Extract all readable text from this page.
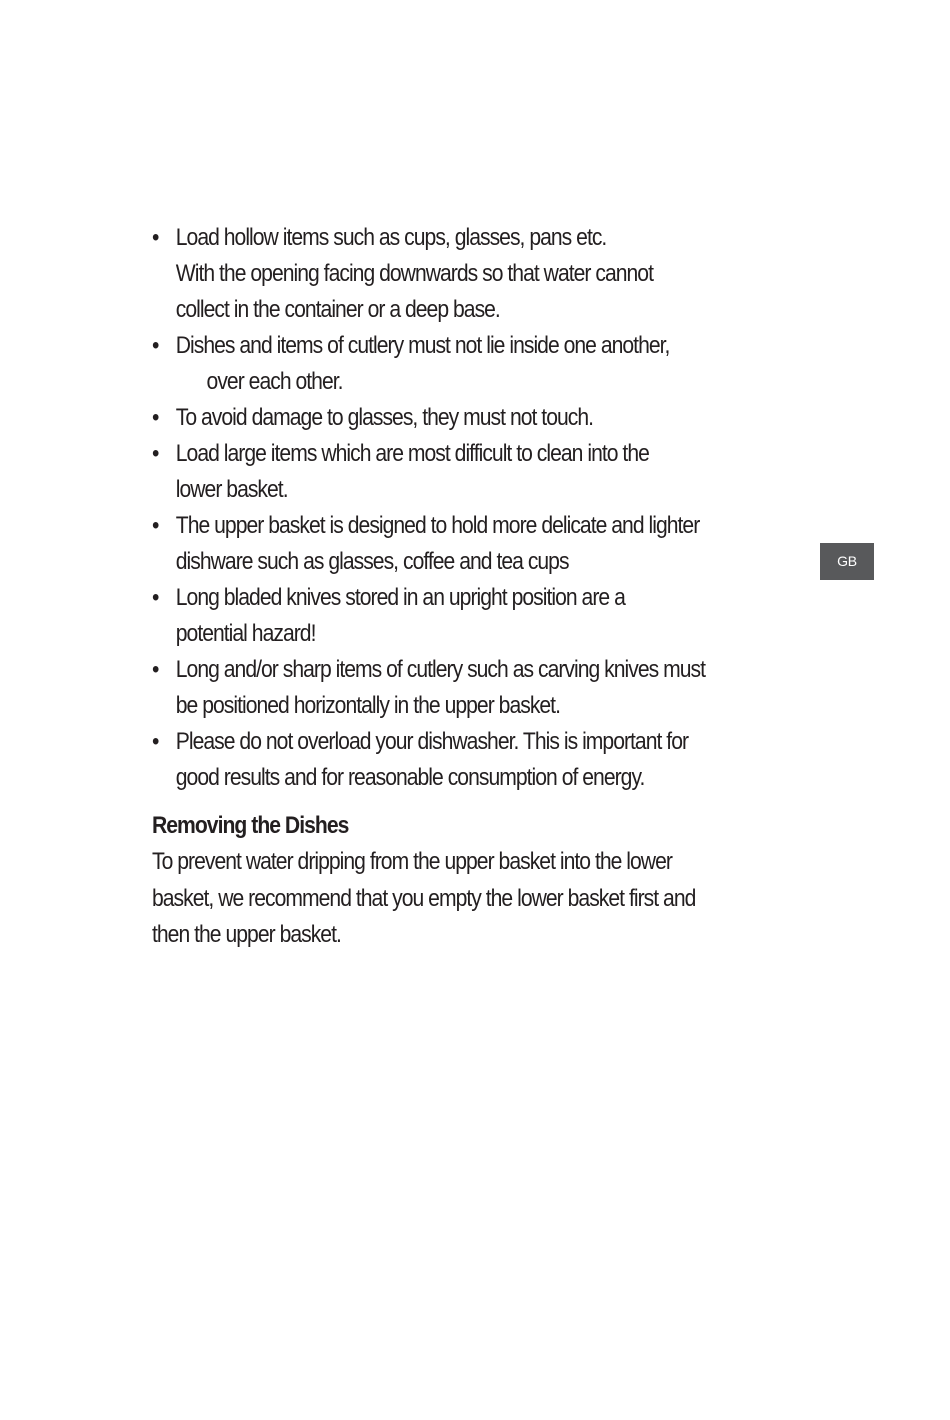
• Load hollow items such as cups, glasses, pans etc.
With the opening facing downwards so that water cannot
collect in the container or a deep base.
• Dishes and items of cutlery must not lie inside one another,
over each other.
• To avoid damage to glasses, they must not touch.
• Load large items which are most difficult to clean into the
lower basket.
• The upper basket is designed to hold more delicate and lighter
dishware such as glasses, coffee and tea cups
• Long bladed knives stored in an upright position are a
potential hazard!
• Long and/or sharp items of cutlery such as carving knives must
be positioned horizontally in the upper basket.
• Please do not overload your dishwasher. This is important for
good results and for reasonable consumption of energy.
Removing the Dishes

To prevent water dripping from the upper basket into the lower
basket, we recommend that you empty the lower basket first and
then the upper basket.

GB
